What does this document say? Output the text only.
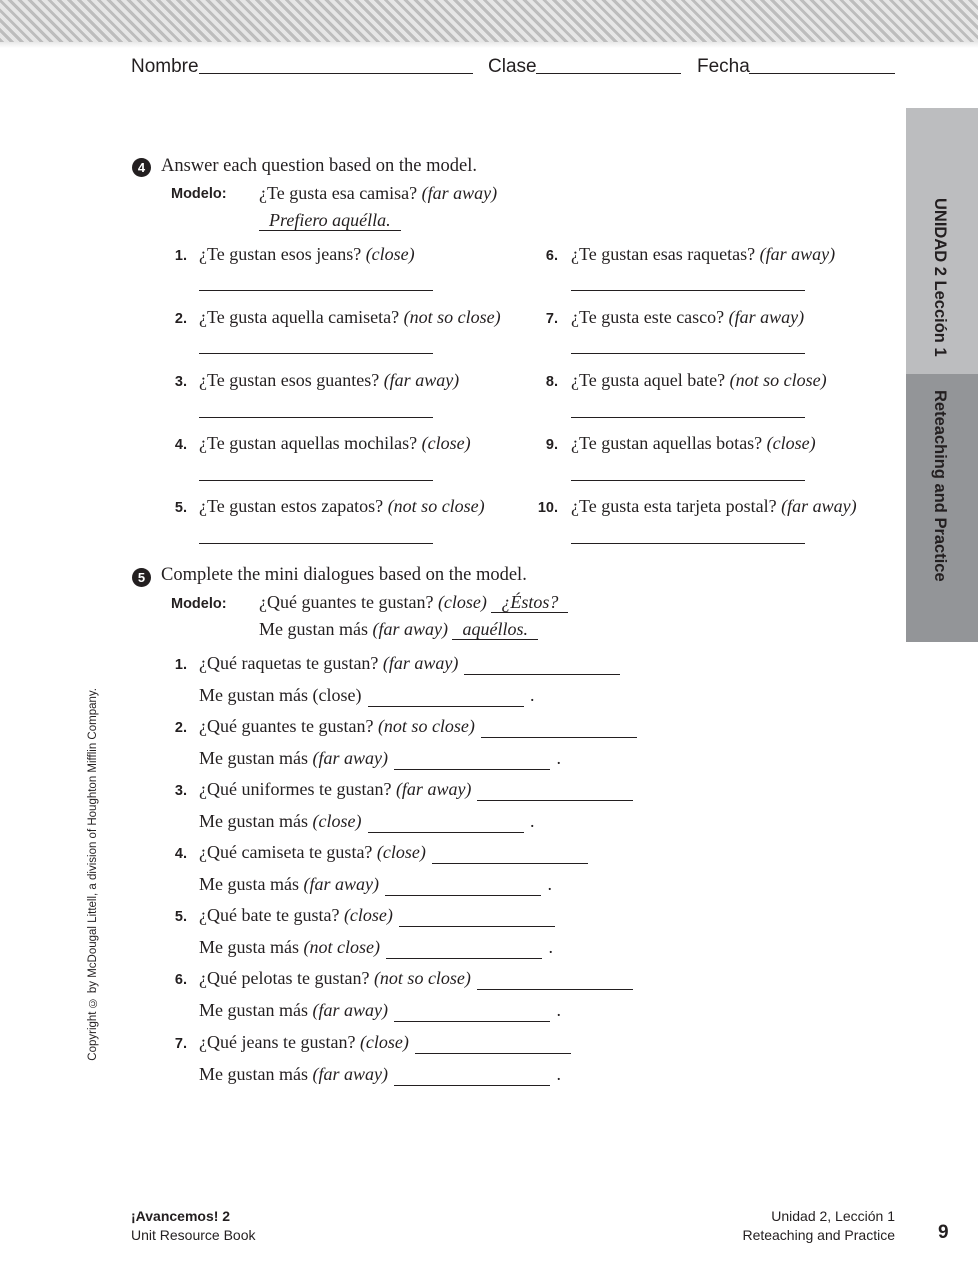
Nombre	Clase	Fecha
UNIDAD 2 Lección 1
Reteaching and Practice
Copyright © by McDougal Littell, a division of Houghton Mifflin Company.
4 Answer each question based on the model.
Modelo: ¿Te gusta esa camisa? (far away)
Prefiero aquélla.
1. ¿Te gustan esos jeans? (close)
2. ¿Te gusta aquella camiseta? (not so close)
3. ¿Te gustan esos guantes? (far away)
4. ¿Te gustan aquellas mochilas? (close)
5. ¿Te gustan estos zapatos? (not so close)
6. ¿Te gustan esas raquetas? (far away)
7. ¿Te gusta este casco? (far away)
8. ¿Te gusta aquel bate? (not so close)
9. ¿Te gustan aquellas botas? (close)
10. ¿Te gusta esta tarjeta postal? (far away)
5 Complete the mini dialogues based on the model.
Modelo: ¿Qué guantes te gustan? (close) ¿Éstos?
Me gustan más (far away) aquéllos.
1. ¿Qué raquetas te gustan? (far away)
Me gustan más (close)	.
2. ¿Qué guantes te gustan? (not so close)
Me gustan más (far away)	.
3. ¿Qué uniformes te gustan? (far away)
Me gustan más (close)	.
4. ¿Qué camiseta te gusta? (close)
Me gusta más (far away)	.
5. ¿Qué bate te gusta? (close)
Me gusta más (not close)	.
6. ¿Qué pelotas te gustan? (not so close)
Me gustan más (far away)	.
7. ¿Qué jeans te gustan? (close)
Me gustan más (far away)	.
¡Avancemos! 2
Unit Resource Book
Unidad 2, Lección 1
Reteaching and Practice 9
